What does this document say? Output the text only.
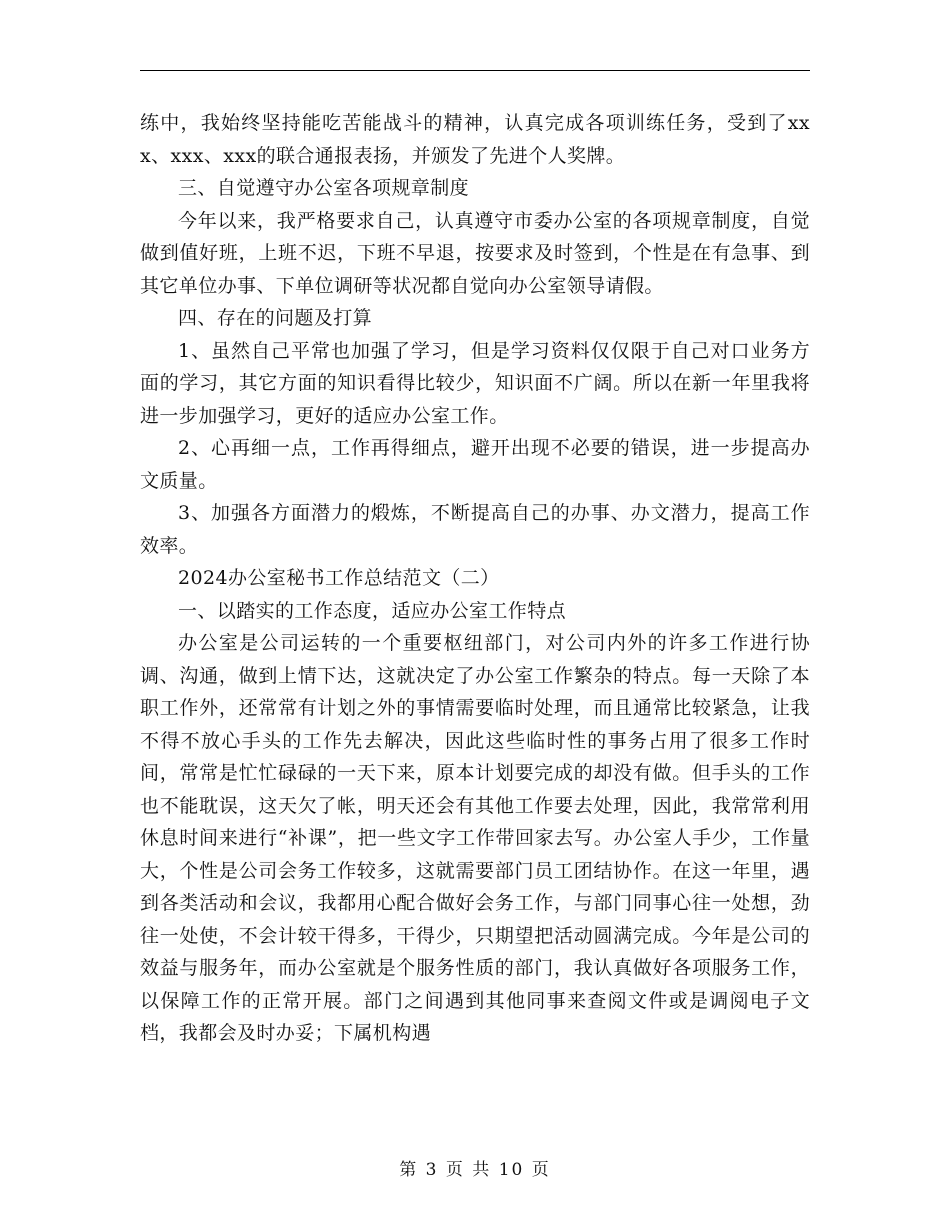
练中，我始终坚持能吃苦能战斗的精神，认真完成各项训练任务，受到了xxx、xxx、xxx的联合通报表扬，并颁发了先进个人奖牌。

三、自觉遵守办公室各项规章制度

今年以来，我严格要求自己，认真遵守市委办公室的各项规章制度，自觉做到值好班，上班不迟，下班不早退，按要求及时签到，个性是在有急事、到其它单位办事、下单位调研等状况都自觉向办公室领导请假。

四、存在的问题及打算

1、虽然自己平常也加强了学习，但是学习资料仅仅限于自己对口业务方面的学习，其它方面的知识看得比较少，知识面不广阔。所以在新一年里我将进一步加强学习，更好的适应办公室工作。

2、心再细一点，工作再得细点，避开出现不必要的错误，进一步提高办文质量。

3、加强各方面潜力的煅炼，不断提高自己的办事、办文潜力，提高工作效率。

2024办公室秘书工作总结范文（二）

一、以踏实的工作态度，适应办公室工作特点

办公室是公司运转的一个重要枢纽部门，对公司内外的许多工作进行协调、沟通，做到上情下达，这就决定了办公室工作繁杂的特点。每一天除了本职工作外，还常常有计划之外的事情需要临时处理，而且通常比较紧急，让我不得不放心手头的工作先去解决，因此这些临时性的事务占用了很多工作时间，常常是忙忙碌碌的一天下来，原本计划要完成的却没有做。但手头的工作也不能耽误，这天欠了帐，明天还会有其他工作要去处理，因此，我常常利用休息时间来进行“补课”，把一些文字工作带回家去写。办公室人手少，工作量大，个性是公司会务工作较多，这就需要部门员工团结协作。在这一年里，遇到各类活动和会议，我都用心配合做好会务工作，与部门同事心往一处想，劲往一处使，不会计较干得多，干得少，只期望把活动圆满完成。今年是公司的效益与服务年，而办公室就是个服务性质的部门，我认真做好各项服务工作，以保障工作的正常开展。部门之间遇到其他同事来查阅文件或是调阅电子文档，我都会及时办妥；下属机构遇

第 3 页 共 10 页
